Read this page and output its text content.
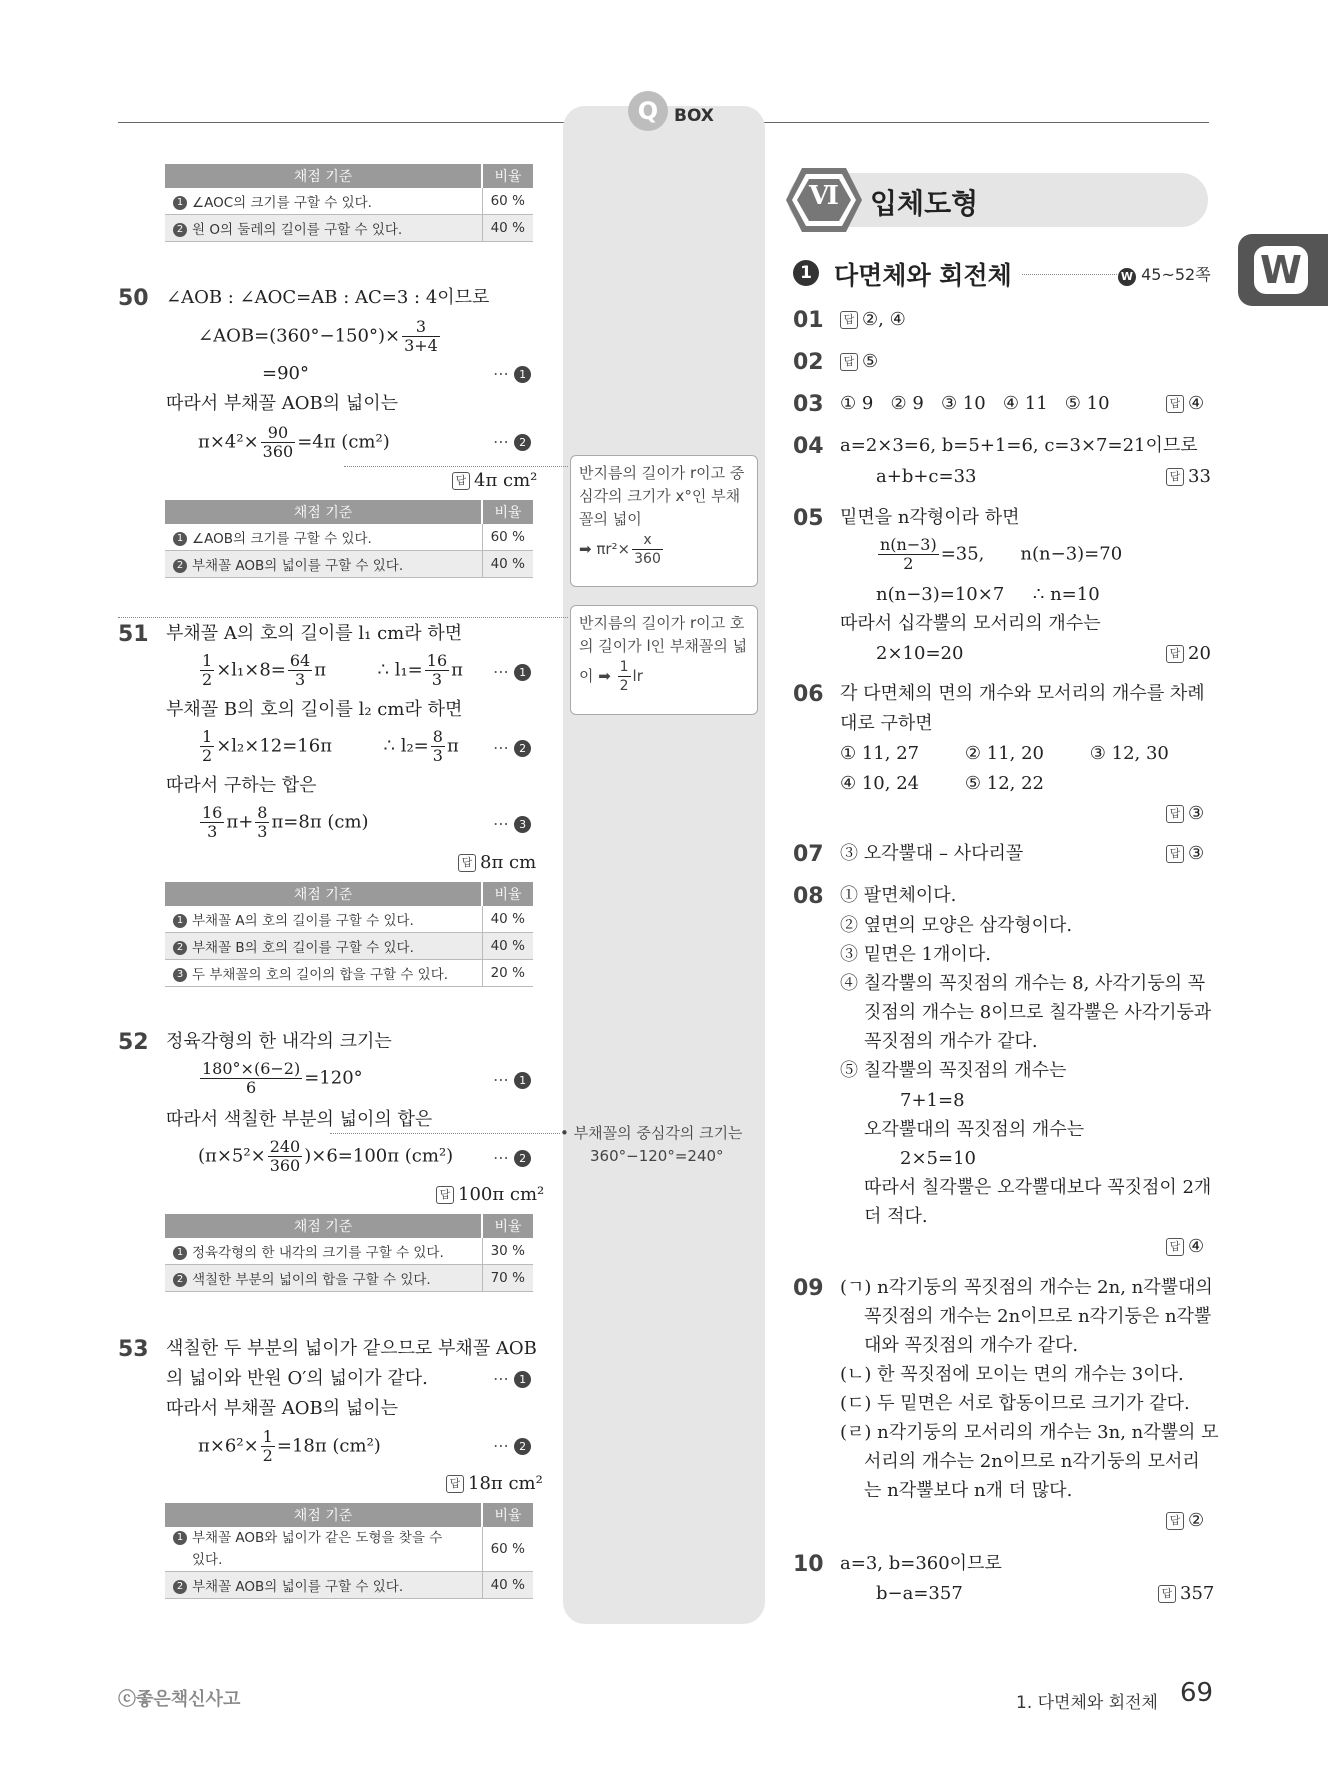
Q BOX
채점 기준	비율
1 ∠AOC의 크기를 구할 수 있다.	60 %
2 원 O의 둘레의 길이를 구할 수 있다.	40 %
50 ∠AOB : ∠AOC=AB : AC=3 : 4이므로
∠AOB=(360°−150°)× $\frac{3}{3+4}$
=90°	⋯ 1
따라서 부채꼴 AOB의 넓이는
$\pi\times 4^2\times \frac{90}{360} =4\pi$ (cm²)	⋯ 2
답 4π cm²
채점 기준	비율
1 ∠AOB의 크기를 구할 수 있다.	60 %
2 부채꼴 AOB의 넓이를 구할 수 있다.	40 %
반지름의 길이가 r이고 중
심각의 크기가 x°인 부채
꼴의 넓이
➡ $\pi r^2\times \frac{x}{360}$
51 부채꼴 A의 호의 길이를 l₁ cm라 하면
$\frac{1}{2} \times l_1\times 8= \frac{64}{3}$ π	∴ $l_1= \frac{16}{3}$ π ⋯ 1
부채꼴 B의 호의 길이를 l₂ cm라 하면
$\frac{1}{2} \times l_2\times 12=16\pi$	∴ $l_2= \frac{8}{3}$ π ⋯ 2
따라서 구하는 합은
$\frac{16}{3} \pi+ \frac{8}{3} \pi=8\pi$ (cm)	⋯ 3
답 8π cm
채점 기준	비율
1 부채꼴 A의 호의 길이를 구할 수 있다.	40 %
2 부채꼴 B의 호의 길이를 구할 수 있다.	40 %
3 두 부채꼴의 호의 길이의 합을 구할 수 있다.	20 %
반지름의 길이가 r이고 호
의 길이가 l인 부채꼴의 넓
이 ➡ $\frac{1}{2}$ lr
52 정육각형의 한 내각의 크기는
$\frac{180^\circ\times(6-2)}{6} =120^\circ$	⋯ 1
따라서 색칠한 부분의 넓이의 합은
$(\pi\times 5^2\times \frac{240}{360} )\times 6=100\pi$ (cm²) ⋯ 2
답 100π cm²
채점 기준	비율
1 정육각형의 한 내각의 크기를 구할 수 있다.	30 %
2 색칠한 부분의 넓이의 합을 구할 수 있다.	70 %
• 부채꼴의 중심각의 크기는
360°−120°=240°
53 색칠한 두 부분의 넓이가 같으므로 부채꼴 AOB
의 넓이와 반원 O′의 넓이가 같다.	⋯ 1
따라서 부채꼴 AOB의 넓이는
$\pi\times 6^2\times \frac{1}{2} =18\pi$ (cm²)	⋯ 2
답 18π cm²
채점 기준	비율
1 부채꼴 AOB와 넓이가 같은 도형을 찾을 수
있다.	60 %
2 부채꼴 AOB의 넓이를 구할 수 있다.	40 %
Ⅵ 입체도형
W
1 다면체와 회전체	W 45~52쪽
01	답 ②, ④
02	답 ⑤
03 ① 9   ② 9   ③ 10   ④ 11   ⑤ 10	답 ④
04 a=2×3=6, b=5+1=6, c=3×7=21이므로
a+b+c=33	답 33
05 밑면을 n각형이라 하면
$\frac{n(n-3)}{2} =35$, n(n−3)=70
n(n−3)=10×7     ∴ n=10
따라서 십각뿔의 모서리의 개수는
2×10=20	답 20
06 각 다면체의 면의 개수와 모서리의 개수를 차례
대로 구하면
① 11, 27        ② 11, 20        ③ 12, 30
④ 10, 24        ⑤ 12, 22
답 ③
07 ③ 오각뿔대 – 사다리꼴	답 ③
08 ① 팔면체이다.
② 옆면의 모양은 삼각형이다.
③ 밑면은 1개이다.
④ 칠각뿔의 꼭짓점의 개수는 8, 사각기둥의 꼭
짓점의 개수는 8이므로 칠각뿔은 사각기둥과
꼭짓점의 개수가 같다.
⑤ 칠각뿔의 꼭짓점의 개수는
7+1=8
오각뿔대의 꼭짓점의 개수는
2×5=10
따라서 칠각뿔은 오각뿔대보다 꼭짓점이 2개
더 적다.
답 ④
09 (ㄱ) n각기둥의 꼭짓점의 개수는 2n, n각뿔대의
꼭짓점의 개수는 2n이므로 n각기둥은 n각뿔
대와 꼭짓점의 개수가 같다.
(ㄴ) 한 꼭짓점에 모이는 면의 개수는 3이다.
(ㄷ) 두 밑면은 서로 합동이므로 크기가 같다.
(ㄹ) n각기둥의 모서리의 개수는 3n, n각뿔의 모
서리의 개수는 2n이므로 n각기둥의 모서리
는 n각뿔보다 n개 더 많다.
답 ②
10 a=3, b=360이므로
b−a=357	답 357
ⓒ좋은책신사고	1. 다면체와 회전체 69
